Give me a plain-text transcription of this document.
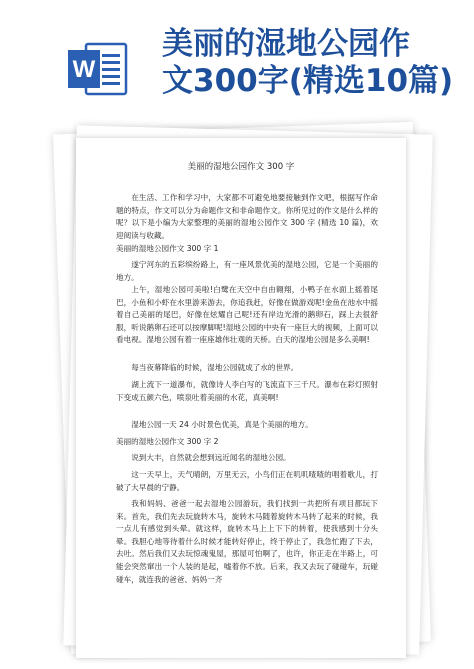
W
美丽的湿地公园作
文300字(精选10篇)
美丽的湿地公园作文 300 字
在生活、工作和学习中，大家都不可避免地要接触到作文吧，根据写作命题的特点，作文可以分为命题作文和非命题作文。你所见过的作文是什么样的呢？以下是小编为大家整理的美丽的湿地公园作文 300 字 (精选 10 篇)，欢迎阅读与收藏。
美丽的湿地公园作文 300 字 1
遂宁河东的五彩缤纷路上，有一座风景优美的湿地公园，它是一个美丽的地方。
上午，湿地公园可美啦!白鹭在天空中自由翱翔，小鸭子在水面上摇着尾巴，小鱼和小虾在水里游来游去，你追我赶，好像在做游戏呢!金鱼在池水中摇着自己美丽的尾巴，好像在炫耀自己呢!还有岸边光滑的鹅卵石，踩上去很舒服，听说鹅卵石还可以按摩脚呢!湿地公园的中央有一座巨大的视频，上面可以看电视。湿地公园有着一座座雄伟壮观的天桥。白天的湿地公园是多么美啊!
每当夜幕降临的时候，湿地公园就成了水的世界。
湖上流下一道瀑布，就像诗人李白写的飞流直下三千尺。瀑布在彩灯照射下变成五颜六色，喷泉吐着美丽的水花，真美啊!
湿地公园一天 24 小时景色优美，真是个美丽的地方。
美丽的湿地公园作文 300 字 2
说到大丰，自然就会想到远近闻名的湿地公园。
这一天早上，天气晴朗，万里无云，小鸟们正在叽叽喳喳的唱着歌儿，打破了大早晨的宁静。
我和妈妈、爸爸一起去湿地公园游玩，我们找到一共把所有项目都玩下来。首先，我们先去玩旋转木马，旋转木马随着旋转木马转了起来的时候，我一点儿有感觉到头晕。就这样，旋转木马上上下下的转着，使我感到十分头晕。我胆心地等待着什么时候才能转好停止，终于停止了，我急忙跑了下去，去吐。然后我们又去玩惊魂鬼屋，那屋可怕啊了，也许，你正走在半路上，可能会突然窜出一个人装的是起，嘘着你不放。后来，我又去玩了碰碰车，玩碰碰车，就连我的爸爸、妈妈一齐
